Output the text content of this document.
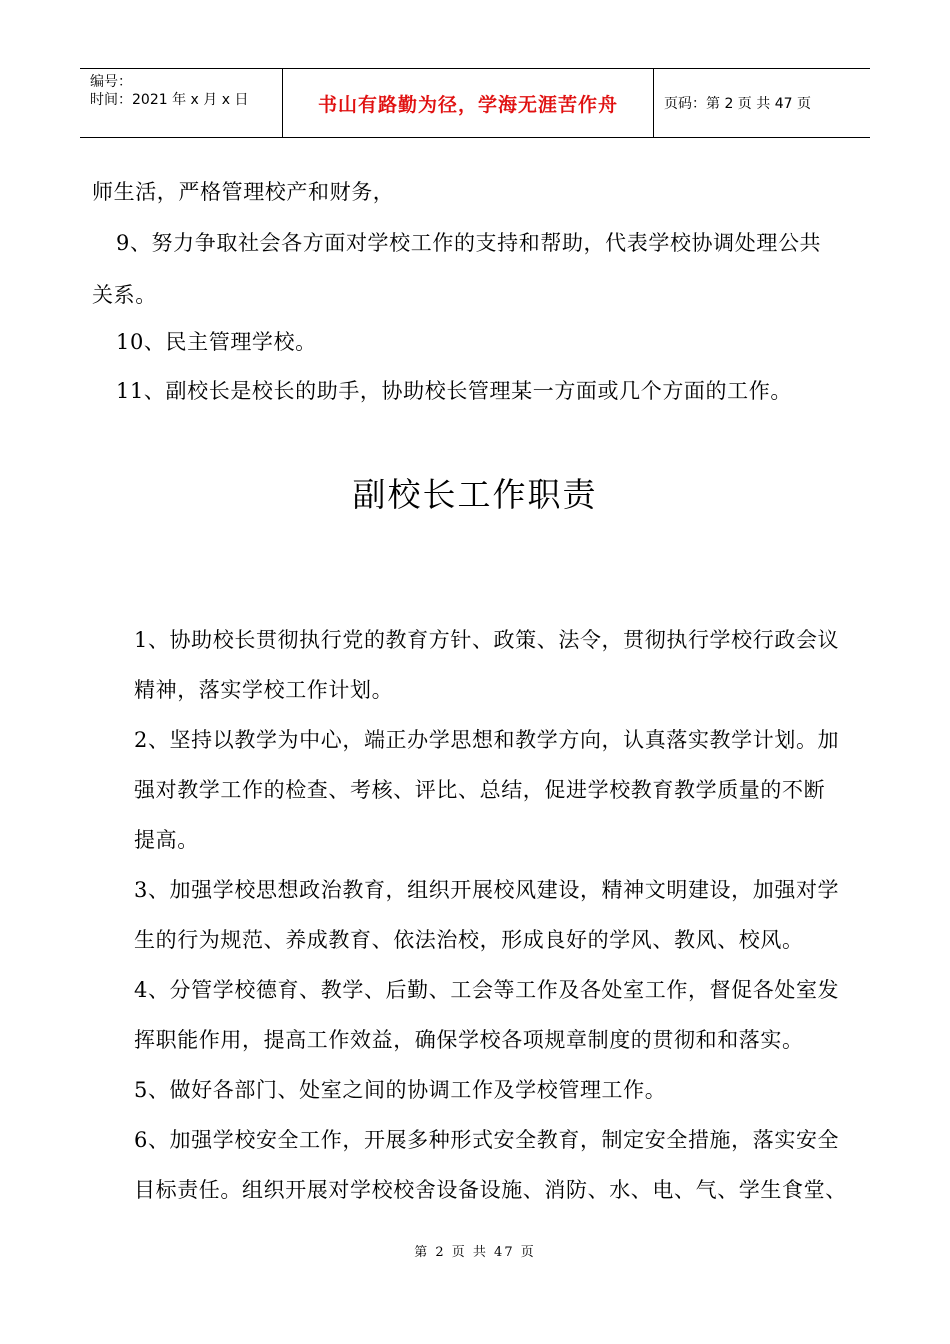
编号：
时间：2021 年 x 月 x 日	书山有路勤为径，学海无涯苦作舟	页码：第 2 页 共 47 页
师生活，严格管理校产和财务，
9、努力争取社会各方面对学校工作的支持和帮助，代表学校协调处理公共
关系。
10、民主管理学校。
11、副校长是校长的助手，协助校长管理某一方面或几个方面的工作。
副校长工作职责
1、协助校长贯彻执行党的教育方针、政策、法令，贯彻执行学校行政会议
精神，落实学校工作计划。
2、坚持以教学为中心，端正办学思想和教学方向，认真落实教学计划。加
强对教学工作的检查、考核、评比、总结，促进学校教育教学质量的不断
提高。
3、加强学校思想政治教育，组织开展校风建设，精神文明建设，加强对学
生的行为规范、养成教育、依法治校，形成良好的学风、教风、校风。
4、分管学校德育、教学、后勤、工会等工作及各处室工作，督促各处室发
挥职能作用，提高工作效益，确保学校各项规章制度的贯彻和和落实。
5、做好各部门、处室之间的协调工作及学校管理工作。
6、加强学校安全工作，开展多种形式安全教育，制定安全措施，落实安全
目标责任。组织开展对学校校舍设备设施、消防、水、电、气、学生食堂、
第 2 页 共 47 页
